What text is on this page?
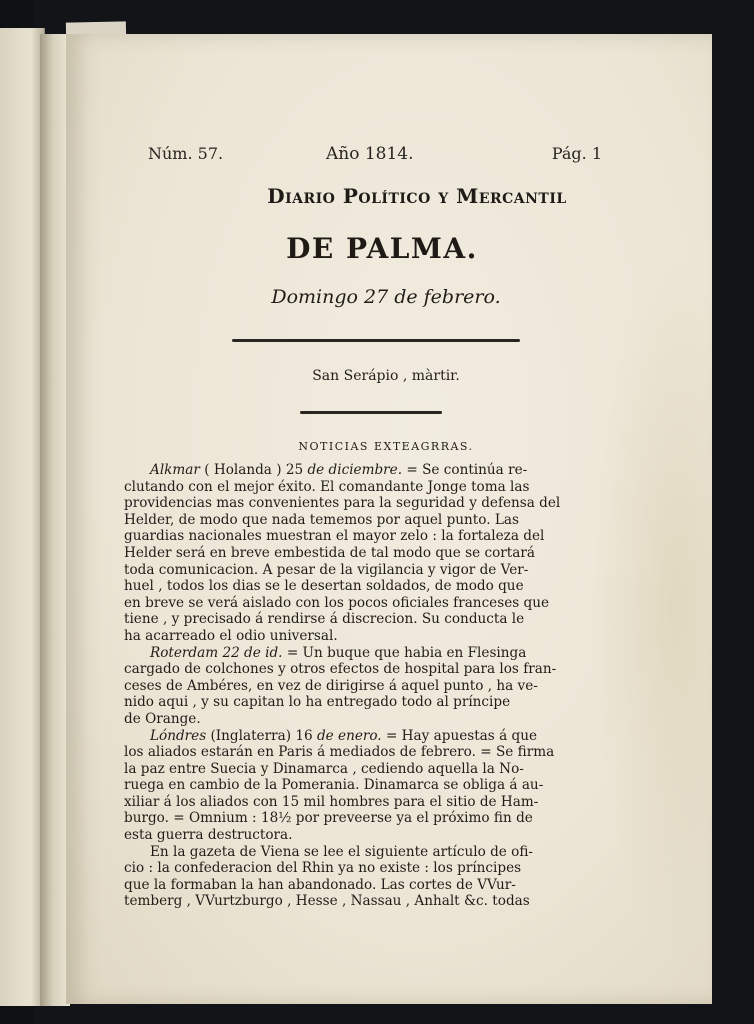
Núm. 57.	Año 1814.	Pág. 1
Diario Político y Mercantil
DE PALMA.
Domingo 27 de febrero.
San Serápio , màrtir.
NOTICIAS EXTEAGRRAS.

Alkmar ( Holanda ) 25 de diciembre. = Se continúa re-
clutando con el mejor éxito. El comandante Jonge toma las
providencias mas convenientes para la seguridad y defensa del
Helder, de modo que nada tememos por aquel punto. Las
guardias nacionales muestran el mayor zelo : la fortaleza del
Helder será en breve embestida de tal modo que se cortará
toda comunicacion. A pesar de la vigilancia y vigor de Ver-
huel , todos los dias se le desertan soldados, de modo que
en breve se verá aislado con los pocos oficiales franceses que
tiene , y precisado á rendirse á discrecion. Su conducta le
ha acarreado el odio universal.

Roterdam 22 de id. = Un buque que habia en Flesinga
cargado de colchones y otros efectos de hospital para los fran-
ceses de Ambéres, en vez de dirigirse á aquel punto , ha ve-
nido aqui , y su capitan lo ha entregado todo al príncipe
de Orange.

Lóndres (Inglaterra) 16 de enero. = Hay apuestas á que
los aliados estarán en Paris á mediados de febrero. = Se firma
la paz entre Suecia y Dinamarca , cediendo aquella la No-
ruega en cambio de la Pomerania. Dinamarca se obliga á au-
xiliar á los aliados con 15 mil hombres para el sitio de Ham-
burgo. = Omnium : 18½ por preveerse ya el próximo fin de
esta guerra destructora.

En la gazeta de Viena se lee el siguiente artículo de ofi-
cio : la confederacion del Rhin ya no existe : los príncipes
que la formaban la han abandonado. Las cortes de VVur-
temberg , VVurtzburgo , Hesse , Nassau , Anhalt &c. todas
